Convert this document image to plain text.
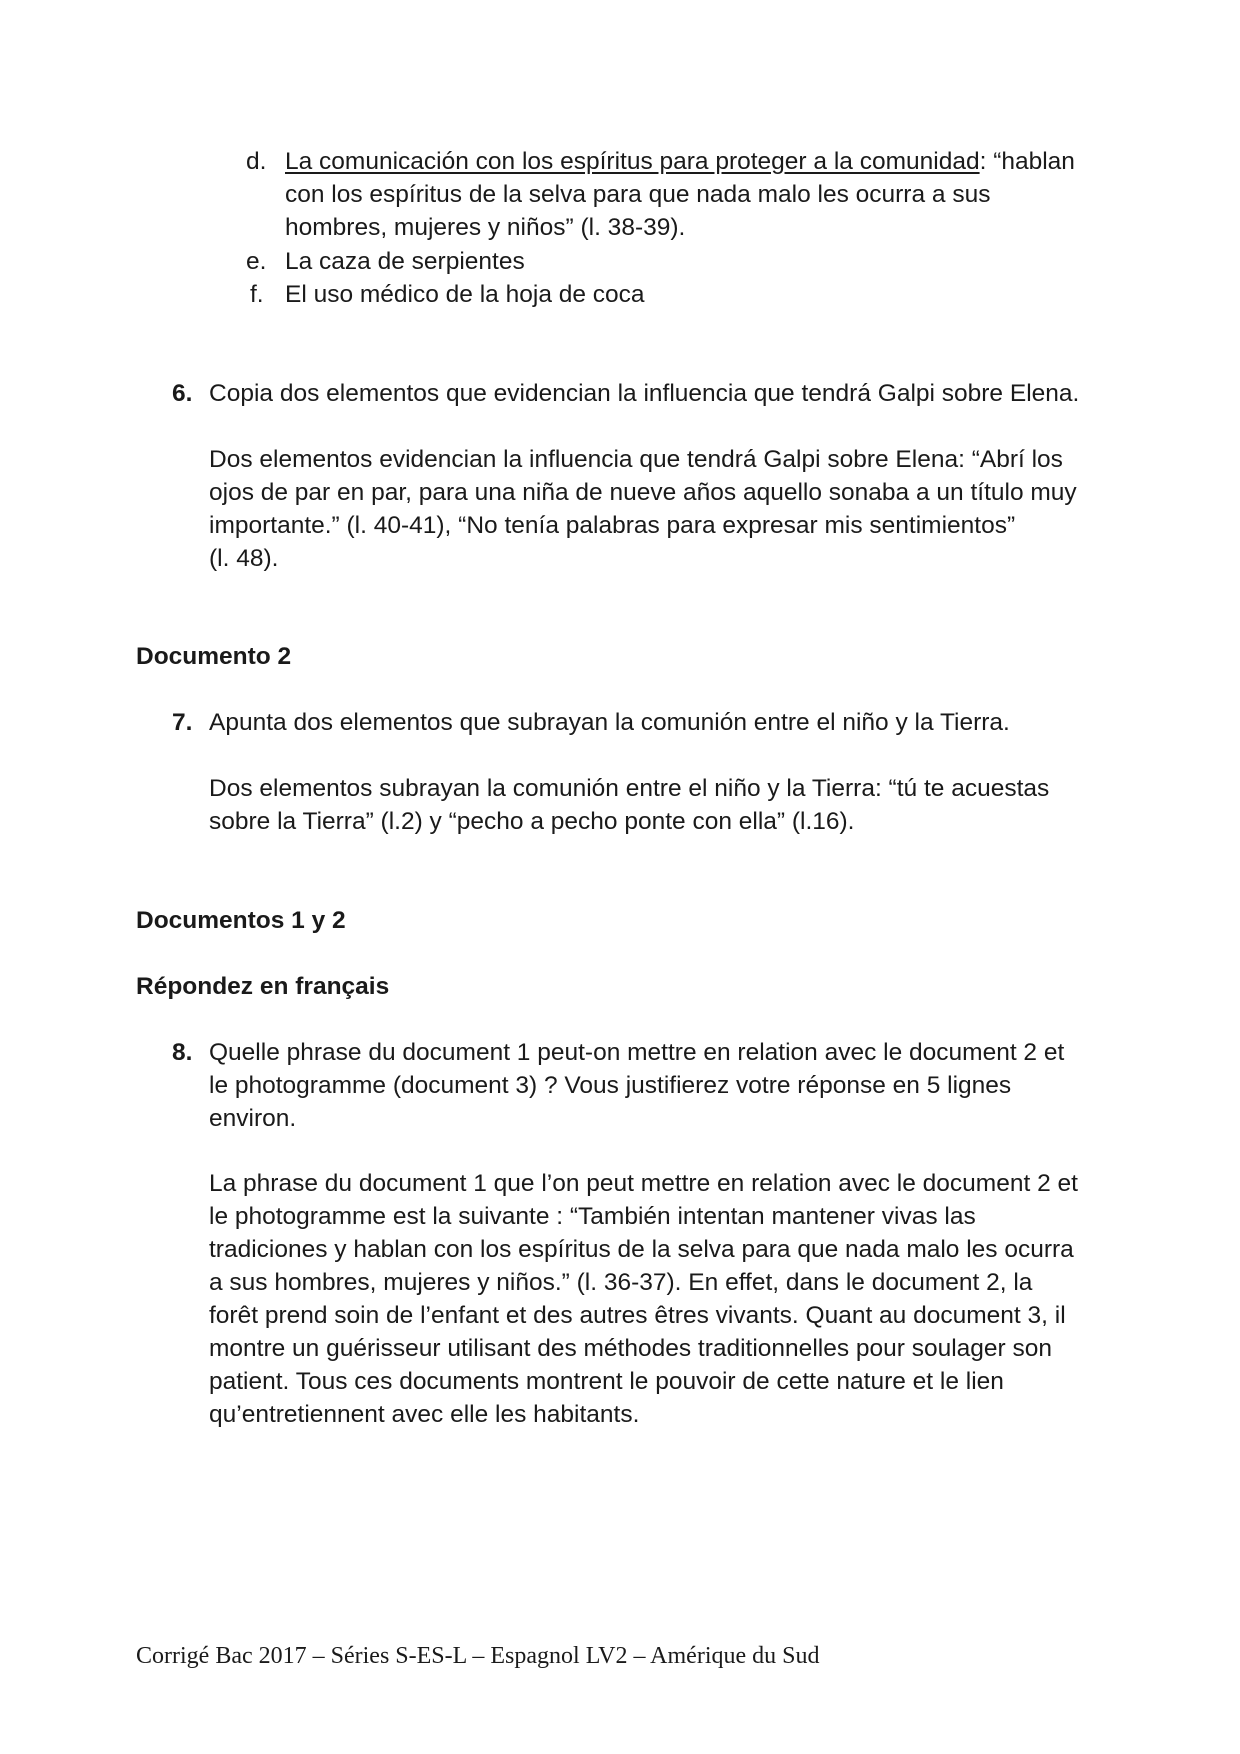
d. La comunicación con los espíritus para proteger a la comunidad: “hablan
con los espíritus de la selva para que nada malo les ocurra a sus
hombres, mujeres y niños” (l. 38-39).
e. La caza de serpientes
f. El uso médico de la hoja de coca
6. Copia dos elementos que evidencian la influencia que tendrá Galpi sobre Elena.
Dos elementos evidencian la influencia que tendrá Galpi sobre Elena: “Abrí los
ojos de par en par, para una niña de nueve años aquello sonaba a un título muy
importante.” (l. 40-41), “No tenía palabras para expresar mis sentimientos”
(l. 48).
Documento 2
7. Apunta dos elementos que subrayan la comunión entre el niño y la Tierra.
Dos elementos subrayan la comunión entre el niño y la Tierra: “tú te acuestas
sobre la Tierra” (l.2) y “pecho a pecho ponte con ella” (l.16).
Documentos 1 y 2
Répondez en français
8. Quelle phrase du document 1 peut-on mettre en relation avec le document 2 et
le photogramme (document 3) ? Vous justifierez votre réponse en 5 lignes
environ.
La phrase du document 1 que l’on peut mettre en relation avec le document 2 et
le photogramme est la suivante : “También intentan mantener vivas las
tradiciones y hablan con los espíritus de la selva para que nada malo les ocurra
a sus hombres, mujeres y niños.” (l. 36-37). En effet, dans le document 2, la
forêt prend soin de l’enfant et des autres êtres vivants. Quant au document 3, il
montre un guérisseur utilisant des méthodes traditionnelles pour soulager son
patient. Tous ces documents montrent le pouvoir de cette nature et le lien
qu’entretiennent avec elle les habitants.
Corrigé Bac 2017 – Séries S-ES-L – Espagnol LV2 – Amérique du Sud
